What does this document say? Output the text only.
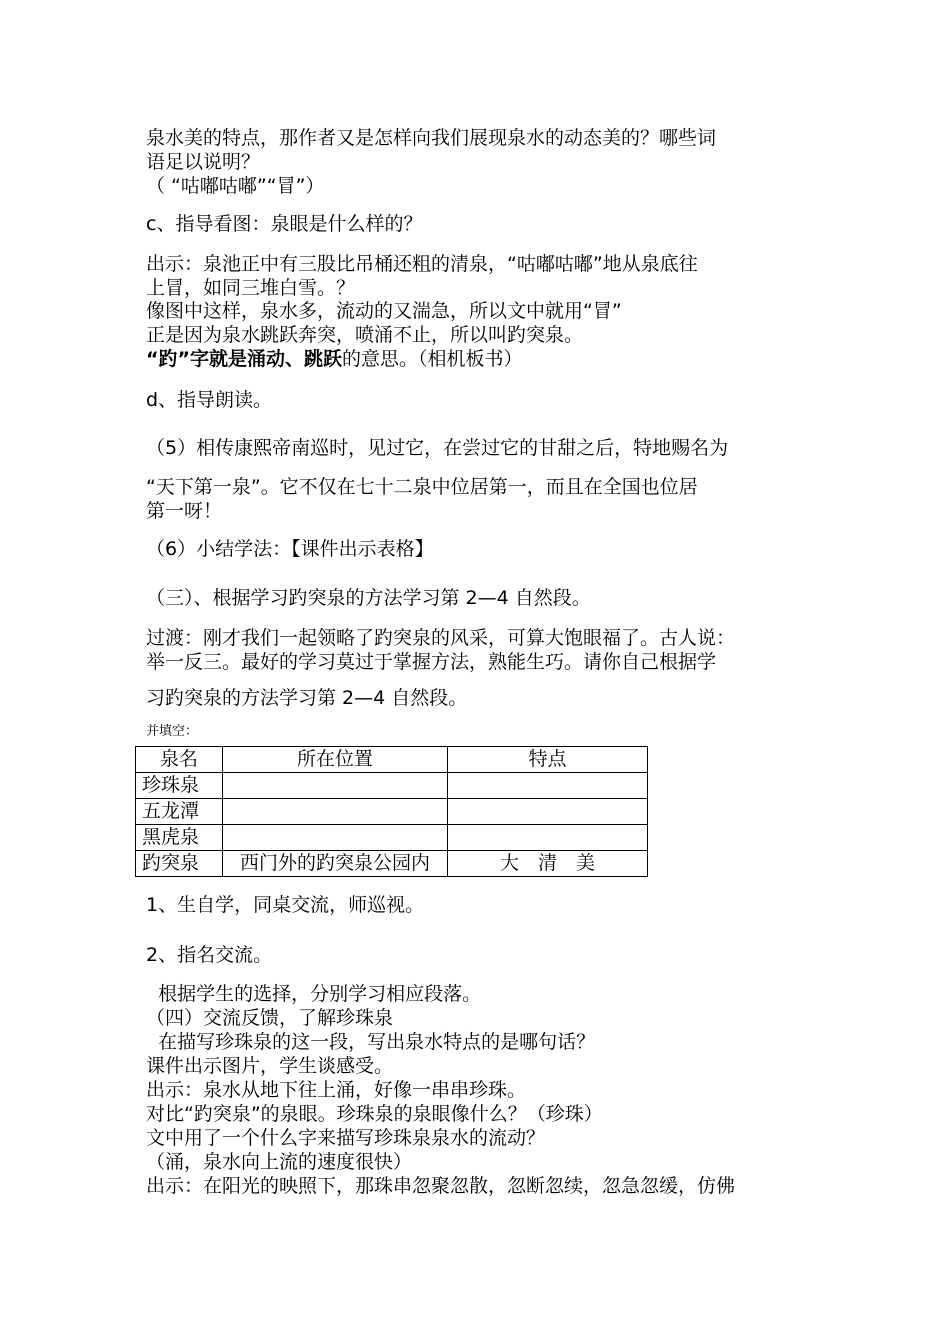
泉水美的特点，那作者又是怎样向我们展现泉水的动态美的？哪些词
语足以说明？
（ “咕嘟咕嘟”“冒”）
c、指导看图：泉眼是什么样的？
出示：泉池正中有三股比吊桶还粗的清泉，“咕嘟咕嘟”地从泉底往
上冒，如同三堆白雪。？
像图中这样，泉水多，流动的又湍急，所以文中就用“冒”
正是因为泉水跳跃奔突，喷涌不止，所以叫趵突泉。
“趵”字就是涌动、跳跃的意思。（相机板书）
d、指导朗读。
（5）相传康熙帝南巡时，见过它，在尝过它的甘甜之后，特地赐名为
“天下第一泉”。它不仅在七十二泉中位居第一，而且在全国也位居
第一呀！
（6）小结学法：【课件出示表格】
（三）、根据学习趵突泉的方法学习第 2—4 自然段。
过渡：刚才我们一起领略了趵突泉的风采，可算大饱眼福了。古人说：
举一反三。最好的学习莫过于掌握方法，熟能生巧。请你自己根据学
习趵突泉的方法学习第 2—4 自然段。
并填空：
泉名	所在位置	特点
珍珠泉		
五龙潭		
黑虎泉		
趵突泉	西门外的趵突泉公园内	大　清　美
1、生自学，同桌交流，师巡视。
2、指名交流。
根据学生的选择，分别学习相应段落。
（四）交流反馈，了解珍珠泉
在描写珍珠泉的这一段，写出泉水特点的是哪句话？
课件出示图片，学生谈感受。
出示：泉水从地下往上涌，好像一串串珍珠。
对比“趵突泉”的泉眼。珍珠泉的泉眼像什么？（珍珠）
文中用了一个什么字来描写珍珠泉泉水的流动？
（涌，泉水向上流的速度很快）
出示：在阳光的映照下，那珠串忽聚忽散，忽断忽续，忽急忽缓，仿佛
